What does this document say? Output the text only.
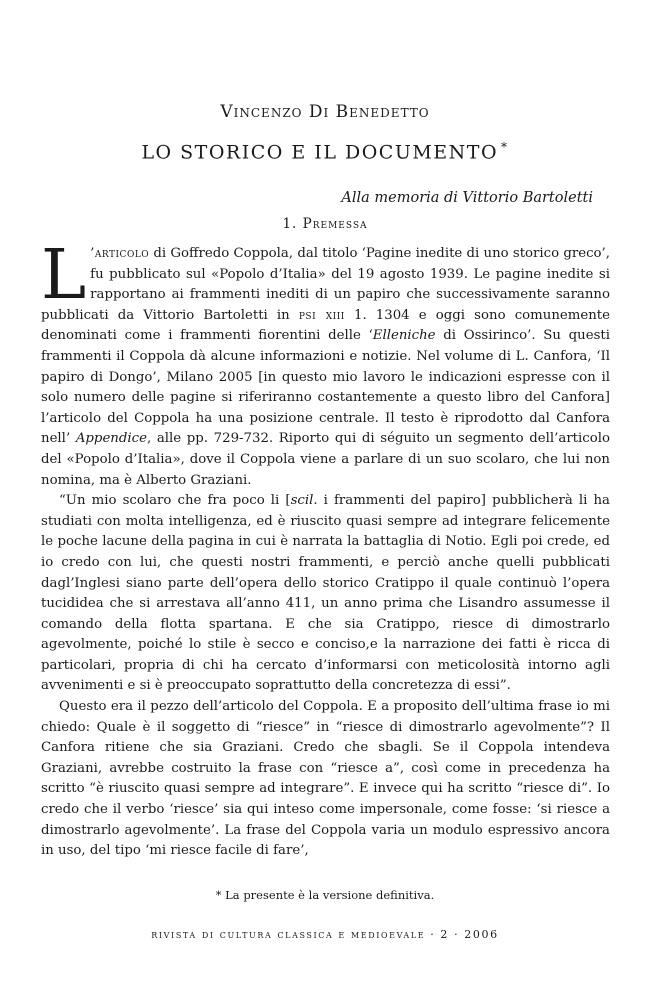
Vincenzo Di Benedetto
LO STORICO E IL DOCUMENTO *
Alla memoria di Vittorio Bartoletti
1. Premessa

L ’articolo di Goffredo Coppola, dal titolo ‘Pagine inedite di uno storico greco’, fu pubblicato sul «Popolo d’Italia» del 19 agosto 1939. Le pagine inedite si rapportano ai frammenti inediti di un papiro che successivamente saranno pubblicati da Vittorio Bartoletti in psi xiii 1. 1304 e oggi sono comunemente denominati come i frammenti fiorentini delle ‘Elleniche di Ossirinco’. Su questi frammenti il Coppola dà alcune informazioni e notizie. Nel volume di L. Canfora, ‘Il papiro di Dongo’, Milano 2005 [in questo mio lavoro le indicazioni espresse con il solo numero delle pagine si riferiranno costantemente a questo libro del Canfora] l’articolo del Coppola ha una posizione centrale. Il testo è riprodotto dal Canfora nell’ Appendice, alle pp. 729-732. Riporto qui di séguito un segmento dell’articolo del «Popolo d’Italia», dove il Coppola viene a parlare di un suo scolaro, che lui non nomina, ma è Alberto Graziani.

“Un mio scolaro che fra poco li [scil. i frammenti del papiro] pubblicherà li ha studiati con molta intelligenza, ed è riuscito quasi sempre ad integrare felicemente le poche lacune della pagina in cui è narrata la battaglia di Notio. Egli poi crede, ed io credo con lui, che questi nostri frammenti, e perciò anche quelli pubblicati dagl’Inglesi siano parte dell’opera dello storico Cratippo il quale continuò l’opera tucididea che si arrestava all’anno 411, un anno prima che Lisandro assumesse il comando della flotta spartana. E che sia Cratippo, riesce di dimostrarlo agevolmente, poiché lo stile è secco e conciso,e la narrazione dei fatti è ricca di particolari, propria di chi ha cercato d’informarsi con meticolosità intorno agli avvenimenti e si è preoccupato soprattutto della concretezza di essi”.

Questo era il pezzo dell’articolo del Coppola. E a proposito dell’ultima frase io mi chiedo: Quale è il soggetto di “riesce” in “riesce di dimostrarlo agevolmente”? Il Canfora ritiene che sia Graziani. Credo che sbagli. Se il Coppola intendeva Graziani, avrebbe costruito la frase con “riesce a”, così come in precedenza ha scritto “è riuscito quasi sempre ad integrare”. E invece qui ha scritto “riesce di”. Io credo che il verbo ‘riesce’ sia qui inteso come impersonale, come fosse: ‘si riesce a dimostrarlo agevolmente’. La frase del Coppola varia un modulo espressivo ancora in uso, del tipo ‘mi riesce facile di fare’,

* La presente è la versione definitiva.
rivista di cultura classica e medioevale · 2 · 2006
